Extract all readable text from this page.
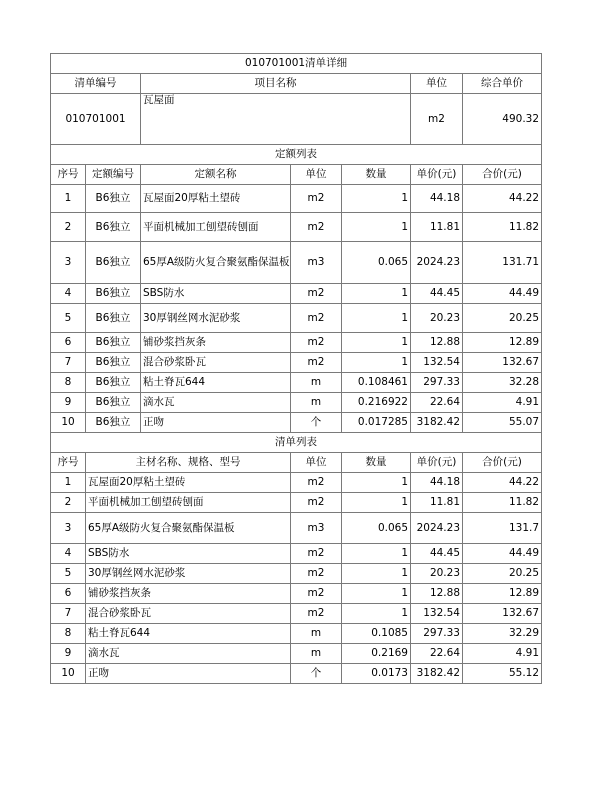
010701001清单详细						
清单编号		项目名称			单位	综合单价
010701001		瓦屋面			m2	490.32
定额列表						
序号	定额编号	定额名称	单位	数量	单价(元)	合价(元)
1	B6独立	瓦屋面20厚粘土望砖	m2	1	44.18	44.22
2	B6独立	平面机械加工刨望砖刨面	m2	1	11.81	11.82
3	B6独立	65厚A级防火复合聚氨酯保温板	m3	0.065	2024.23	131.71
4	B6独立	SBS防水	m2	1	44.45	44.49
5	B6独立	30厚钢丝网水泥砂浆	m2	1	20.23	20.25
6	B6独立	铺砂浆挡灰条	m2	1	12.88	12.89
7	B6独立	混合砂浆卧瓦	m2	1	132.54	132.67
8	B6独立	粘土脊瓦644	m	0.108461	297.33	32.28
9	B6独立	滴水瓦	m	0.216922	22.64	4.91
10	B6独立	正吻	个	0.017285	3182.42	55.07
清单列表						
序号	主材名称、规格、型号		单位	数量	单价(元)	合价(元)
1	瓦屋面20厚粘土望砖		m2	1	44.18	44.22
2	平面机械加工刨望砖刨面		m2	1	11.81	11.82
3	65厚A级防火复合聚氨酯保温板		m3	0.065	2024.23	131.7
4	SBS防水		m2	1	44.45	44.49
5	30厚钢丝网水泥砂浆		m2	1	20.23	20.25
6	铺砂浆挡灰条		m2	1	12.88	12.89
7	混合砂浆卧瓦		m2	1	132.54	132.67
8	粘土脊瓦644		m	0.1085	297.33	32.29
9	滴水瓦		m	0.2169	22.64	4.91
10	正吻		个	0.0173	3182.42	55.12
